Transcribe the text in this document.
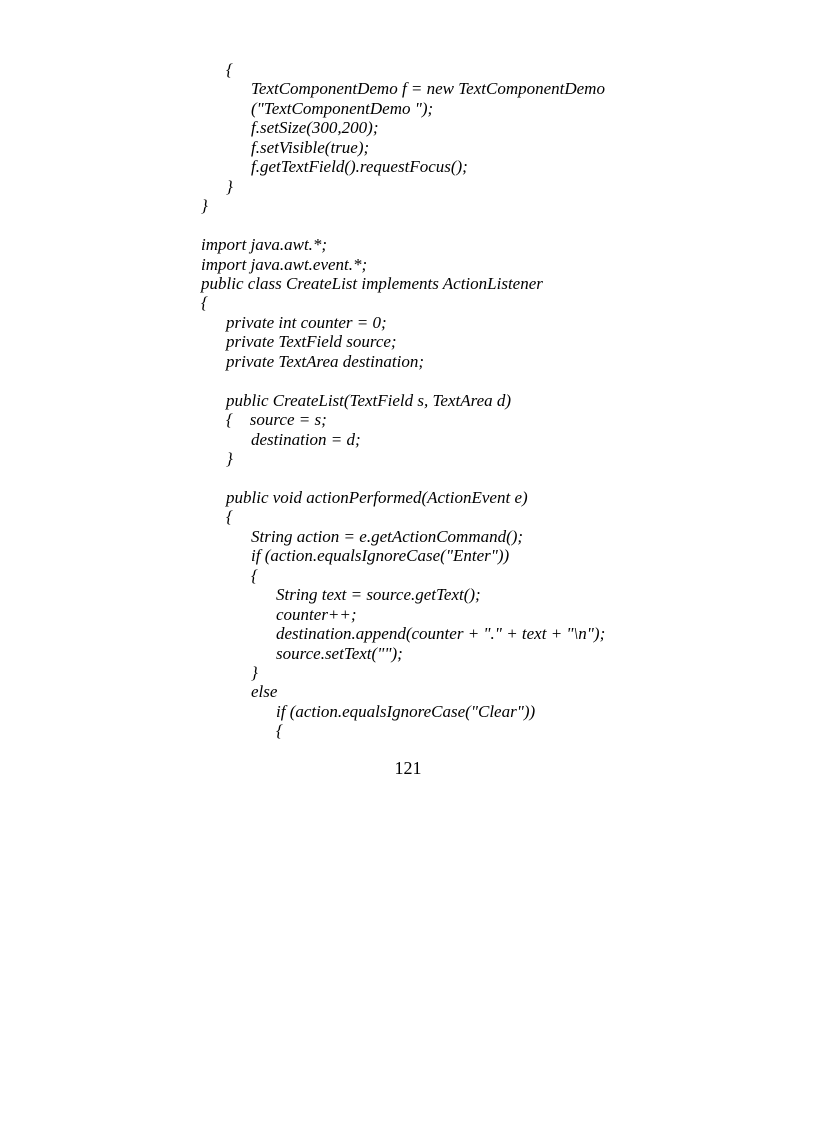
{
TextComponentDemo f = new TextComponentDemo
("TextComponentDemo ");
f.setSize(300,200);
f.setVisible(true);
f.getTextField().requestFocus();
}
}
import java.awt.*;
import java.awt.event.*;
public class CreateList implements ActionListener
{
private int counter = 0;
private TextField source;
private TextArea destination;
public CreateList(TextField s, TextArea d)
{    source = s;
destination = d;
}
public void actionPerformed(ActionEvent e)
{
String action = e.getActionCommand();
if (action.equalsIgnoreCase("Enter"))
{
String text = source.getText();
counter++;
destination.append(counter + "." + text + "\n");
source.setText("");
}
else
if (action.equalsIgnoreCase("Clear"))
{
121
